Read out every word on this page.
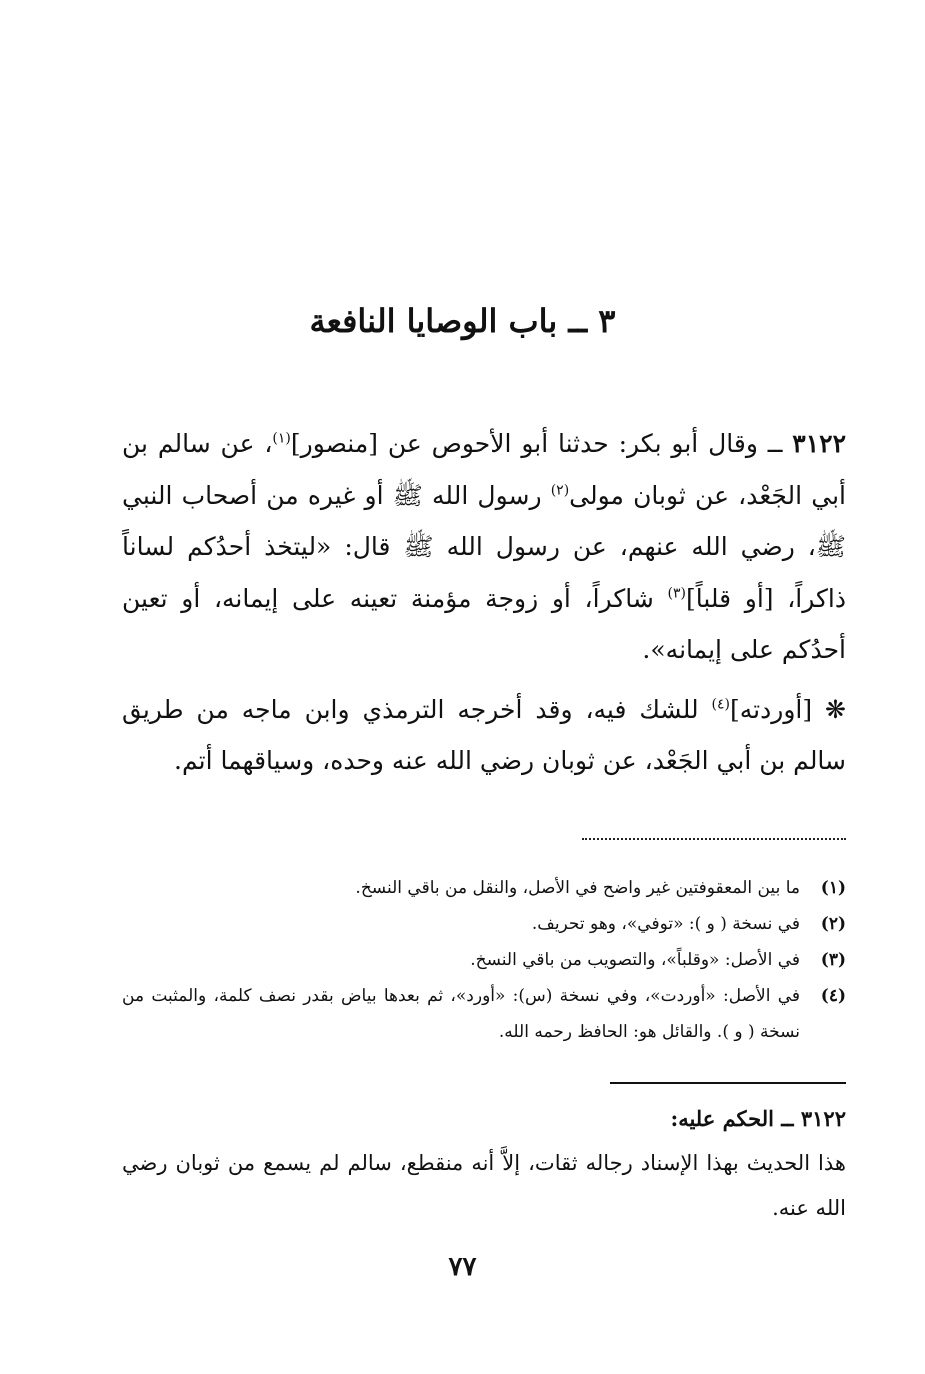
٣ ــ باب الوصايا النافعة

٣١٢٢ ــ وقال أبو بكر: حدثنا أبو الأحوص عن [منصور]$^{(١)}$، عن سالم بن أبي الجَعْد، عن ثوبان مولى$^{(٢)}$ رسول الله ﷺ أو غيره من أصحاب النبي ﷺ، رضي الله عنهم، عن رسول الله ﷺ قال: «ليتخذ أحدُكم لساناً ذاكراً، [أو قلباً]$^{(٣)}$ شاكراً، أو زوجة مؤمنة تعينه على إيمانه، أو تعين أحدُكم على إيمانه».

❋ [أوردته]$^{(٤)}$ للشك فيه، وقد أخرجه الترمذي وابن ماجه من طريق سالم بن أبي الجَعْد، عن ثوبان رضي الله عنه وحده، وسياقهما أتم.

(١)
ما بين المعقوفتين غير واضح في الأصل، والنقل من باقي النسخ.
(٢)
في نسخة ( و ): «توفي»، وهو تحريف.
(٣)
في الأصل: «وقلباً»، والتصويب من باقي النسخ.
(٤)
في الأصل: «أوردت»، وفي نسخة (س): «أورد»، ثم بعدها بياض بقدر نصف كلمة، والمثبت من نسخة ( و ). والقائل هو: الحافظ رحمه الله.

٣١٢٢ ــ الحكم عليه:

هذا الحديث بهذا الإسناد رجاله ثقات، إلاَّ أنه منقطع، سالم لم يسمع من ثوبان رضي الله عنه.

٧٧
